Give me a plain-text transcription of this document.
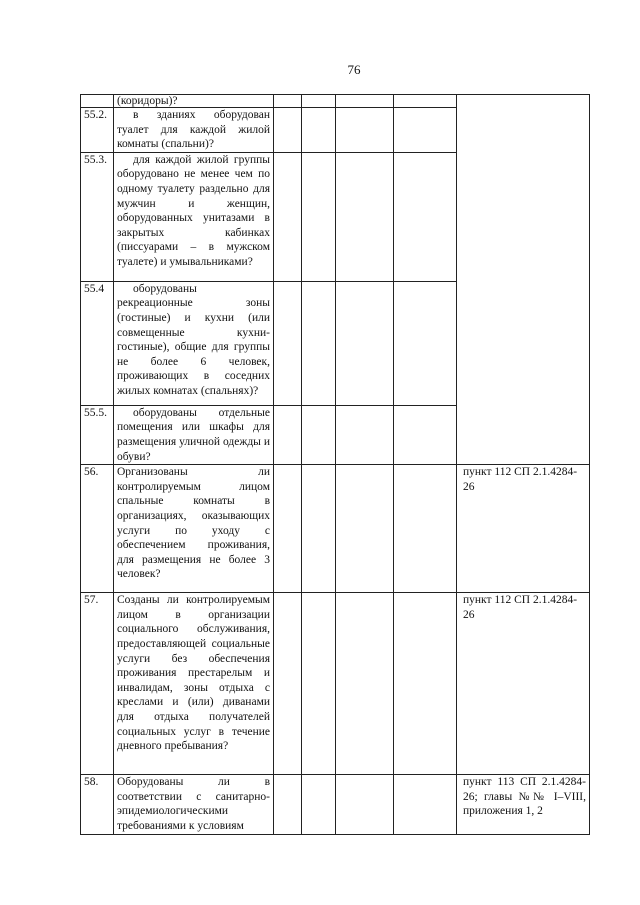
76
	(коридоры)?					
55.2.	в зданиях оборудован туалет для каждой жилой комнаты (спальни)?					
55.3.	для каждой жилой группы оборудовано не менее чем по одному туалету раздельно для мужчин и женщин, оборудованных унитазами в закрытых кабинках (писсуарами – в мужском туалете) и умывальниками?					
55.4	оборудованы рекреационные зоны (гостиные) и кухни (или совмещенные кухни-гостиные), общие для группы не более 6 человек, проживающих в соседних жилых комнатах (спальнях)?					
55.5.	оборудованы отдельные помещения или шкафы для размещения уличной одежды и обуви?					
56.	Организованы ли контролируемым лицом спальные комнаты в организациях, оказывающих услуги по уходу с обеспечением проживания, для размещения не более 3 человек?					пункт 112 СП 2.1.4284-26
57.	Созданы ли контролируемым лицом в организации социального обслуживания, предоставляющей социальные услуги без обеспечения проживания престарелым и инвалидам, зоны отдыха с креслами и (или) диванами для отдыха получателей социальных услуг в течение дневного пребывания?					пункт 112 СП 2.1.4284-26
58.	Оборудованы ли в соответствии с санитарно-эпидемиологическими требованиями к условиям					пункт 113 СП 2.1.4284-26; главы №№ I–VIII, приложения 1, 2
